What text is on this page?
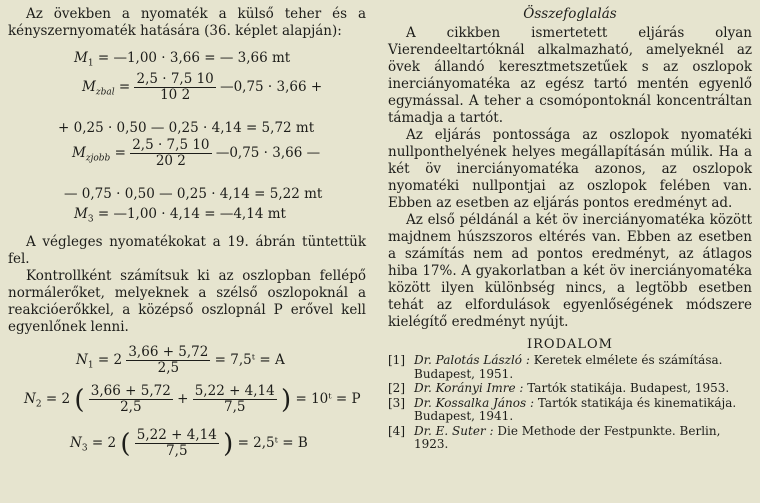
Az övekben a nyomaték a külső teher és a kényszernyomaték hatására (36. képlet alapján):

$M_1$ = —1,00 · 3,66 = — 3,66 mt
$M_{zbal} = \frac{2,5 \cdot 7,5 10}{10 2}$ —0,75 · 3,66 +
+ 0,25 · 0,50 — 0,25 · 4,14 = 5,72 mt
$M_{zjobb} = \frac{2,5 \cdot 7,5 10}{20 2}$ —0,75 · 3,66 —
— 0,75 · 0,50 — 0,25 · 4,14 = 5,22 mt
$M_3$ = —1,00 · 4,14 = —4,14 mt

A végleges nyomatékokat a 19. ábrán tüntettük fel.

Kontrollként számítsuk ki az oszlopban fellépő normálerőket, melyeknek a szélső oszlopoknál a reakcióerőkkel, a középső oszlopnál P erővel kell egyenlőnek lenni.

$N_1 = 2 \frac{3,66 + 5,72}{2,5}$ = 7,5ᵗ = A
$N_2 = 2$ ( $\frac{3,66 + 5,72}{2,5} + \frac{5,22 + 4,14}{7,5}$ ) = 10ᵗ = P
$N_3 = 2$ ( $\frac{5,22 + 4,14}{7,5}$ ) = 2,5ᵗ = B

Összefoglalás

A cikkben ismertetett eljárás olyan Vierendeeltartóknál alkalmazható, amelyeknél az övek állandó keresztmetszetűek s az oszlopok inerciányomatéka az egész tartó mentén egyenlő egymással. A teher a csomópontoknál koncentráltan támadja a tartót.

Az eljárás pontossága az oszlopok nyomatéki nullponthelyének helyes megállapításán múlik. Ha a két öv inerciányomatéka azonos, az oszlopok nyomatéki nullpontjai az oszlopok felében van. Ebben az esetben az eljárás pontos eredményt ad.

Az első példánál a két öv inerciányomatéka között majdnem húszszoros eltérés van. Ebben az esetben a számítás nem ad pontos eredményt, az átlagos hiba 17%. A gyakorlatban a két öv inerciányomatéka között ilyen különbség nincs, a legtöbb esetben tehát az elfordulások egyenlőségének módszere kielégítő eredményt nyújt.

IRODALOM

[1] Dr. Palotás László : Keretek elmélete és számítása. Budapest, 1951.
[2] Dr. Korányi Imre : Tartók statikája. Budapest, 1953.
[3] Dr. Kossalka János : Tartók statikája és kinematikája. Budapest, 1941.
[4] Dr. E. Suter : Die Methode der Festpunkte. Berlin, 1923.
